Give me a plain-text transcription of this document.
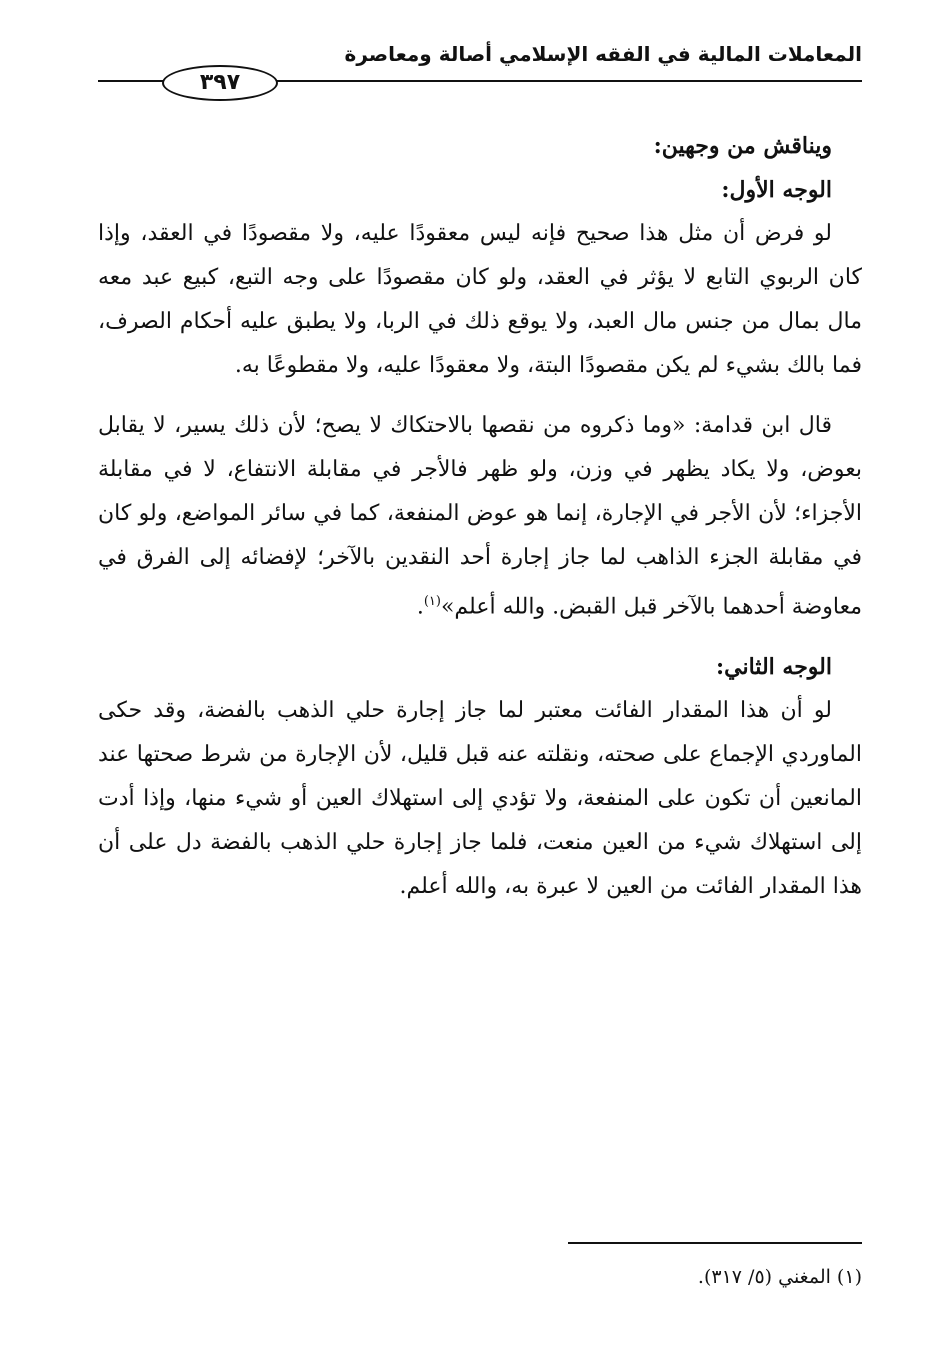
المعاملات المالية في الفقه الإسلامي أصالة ومعاصرة
٣٩٧

ويناقش من وجهين:

الوجه الأول:

لو فرض أن مثل هذا صحيح فإنه ليس معقودًا عليه، ولا مقصودًا في العقد، وإذا كان الربوي التابع لا يؤثر في العقد، ولو كان مقصودًا على وجه التبع، كبيع عبد معه مال بمال من جنس مال العبد، ولا يوقع ذلك في الربا، ولا يطبق عليه أحكام الصرف، فما بالك بشيء لم يكن مقصودًا البتة، ولا معقودًا عليه، ولا مقطوعًا به.

قال ابن قدامة: «وما ذكروه من نقصها بالاحتكاك لا يصح؛ لأن ذلك يسير، لا يقابل بعوض، ولا يكاد يظهر في وزن، ولو ظهر فالأجر في مقابلة الانتفاع، لا في مقابلة الأجزاء؛ لأن الأجر في الإجارة، إنما هو عوض المنفعة، كما في سائر المواضع، ولو كان في مقابلة الجزء الذاهب لما جاز إجارة أحد النقدين بالآخر؛ لإفضائه إلى الفرق في معاوضة أحدهما بالآخر قبل القبض. والله أعلم»$^{(١)}$.

الوجه الثاني:

لو أن هذا المقدار الفائت معتبر لما جاز إجارة حلي الذهب بالفضة، وقد حكى الماوردي الإجماع على صحته، ونقلته عنه قبل قليل، لأن الإجارة من شرط صحتها عند المانعين أن تكون على المنفعة، ولا تؤدي إلى استهلاك العين أو شيء منها، وإذا أدت إلى استهلاك شيء من العين منعت، فلما جاز إجارة حلي الذهب بالفضة دل على أن هذا المقدار الفائت من العين لا عبرة به، والله أعلم.

(١) المغني (٥/ ٣١٧).
